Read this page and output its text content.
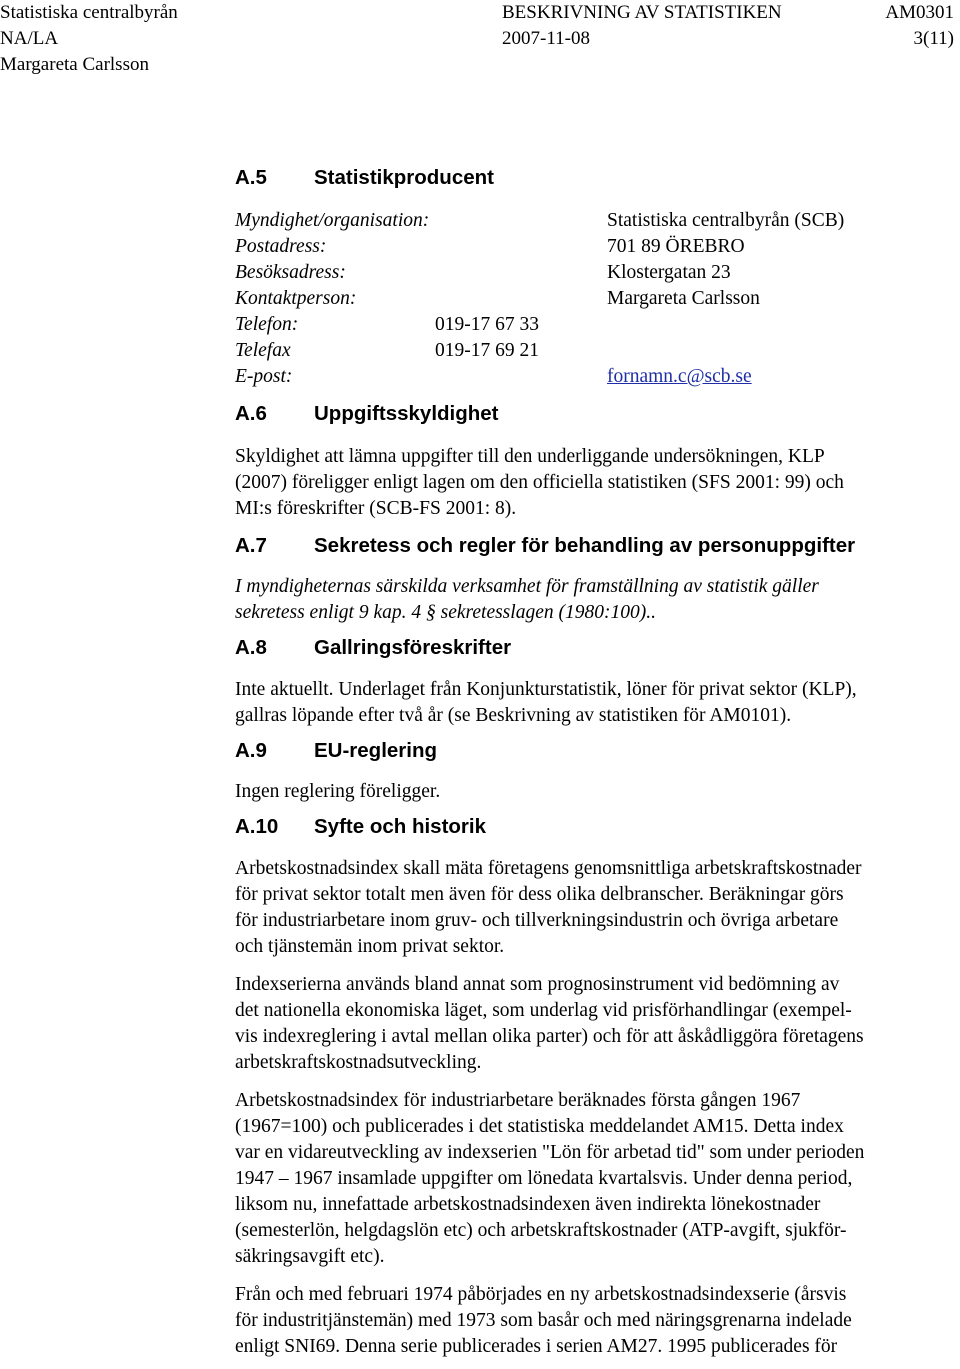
Statistiska centralbyrån	BESKRIVNING AV STATISTIKEN	AM0301
NA/LA	2007-11-08	3(11)
Margareta Carlsson
A.5 Statistikproducent
Myndighet/organisation:	Statistiska centralbyrån (SCB)
Postadress:	701 89 ÖREBRO
Besöksadress:	Klostergatan 23
Kontaktperson:	Margareta Carlsson
Telefon:	019-17 67 33
Telefax	019-17 69 21
E-post:	fornamn.c@scb.se
A.6 Uppgiftsskyldighet

Skyldighet att lämna uppgifter till den underliggande undersökningen, KLP
(2007) föreligger enligt lagen om den officiella statistiken (SFS 2001: 99) och
MI:s föreskrifter (SCB-FS 2001: 8).

A.7 Sekretess och regler för behandling av personuppgifter

I myndigheternas särskilda verksamhet för framställning av statistik gäller
sekretess enligt 9 kap. 4 § sekretesslagen (1980:100)..

A.8 Gallringsföreskrifter

Inte aktuellt. Underlaget från Konjunkturstatistik, löner för privat sektor (KLP),
gallras löpande efter två år (se Beskrivning av statistiken för AM0101).

A.9 EU-reglering

Ingen reglering föreligger.

A.10 Syfte och historik

Arbetskostnadsindex skall mäta företagens genomsnittliga arbetskraftskostnader
för privat sektor totalt men även för dess olika delbranscher. Beräkningar görs
för industriarbetare inom gruv- och tillverkningsindustrin och övriga arbetare
och tjänstemän inom privat sektor.

Indexserierna används bland annat som prognosinstrument vid bedömning av
det nationella ekonomiska läget, som underlag vid prisförhandlingar (exempel-
vis indexreglering i avtal mellan olika parter) och för att åskådliggöra företagens
arbetskraftskostnadsutveckling.

Arbetskostnadsindex för industriarbetare beräknades första gången 1967
(1967=100) och publicerades i det statistiska meddelandet AM15. Detta index
var en vidareutveckling av indexserien "Lön för arbetad tid" som under perioden
1947 – 1967 insamlade uppgifter om lönedata kvartalsvis. Under denna period,
liksom nu, innefattade arbetskostnadsindexen även indirekta lönekostnader
(semesterlön, helgdagslön etc) och arbetskraftskostnader (ATP-avgift, sjukför-
säkringsavgift etc).

Från och med februari 1974 påbörjades en ny arbetskostnadsindexserie (årsvis
för industritjänstemän) med 1973 som basår och med näringsgrenarna indelade
enligt SNI69. Denna serie publicerades i serien AM27. 1995 publicerades för
